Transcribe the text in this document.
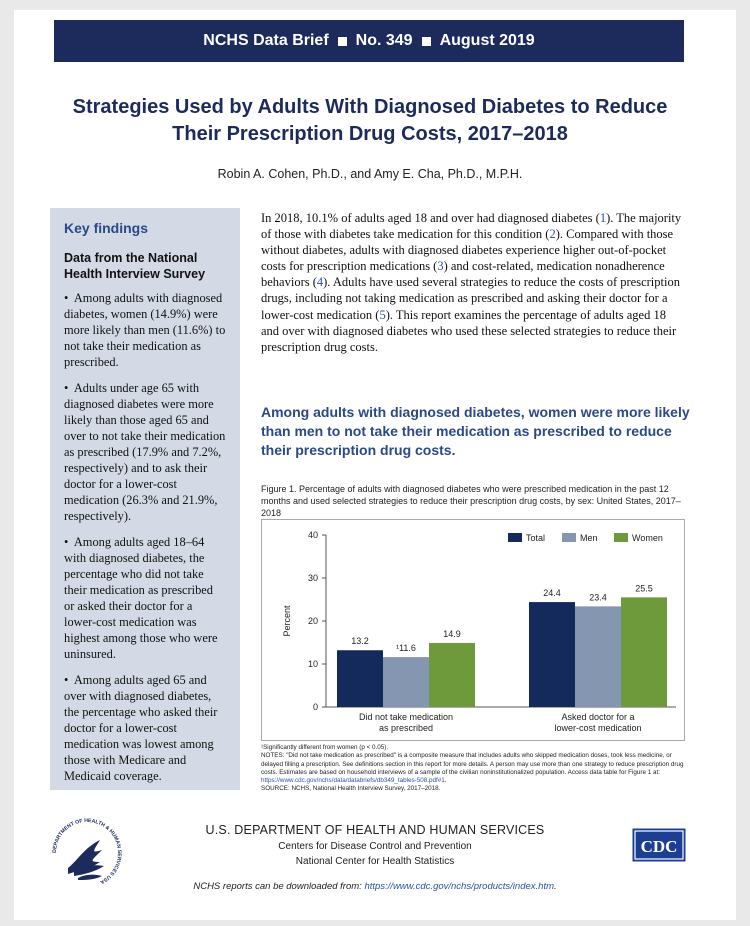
NCHS Data Brief No. 349 August 2019
Strategies Used by Adults With Diagnosed Diabetes to Reduce Their Prescription Drug Costs, 2017–2018
Robin A. Cohen, Ph.D., and Amy E. Cha, Ph.D., M.P.H.
Key findings
Data from the National Health Interview Survey

•  Among adults with diagnosed diabetes, women (14.9%) were more likely than men (11.6%) to not take their medication as prescribed.

•  Adults under age 65 with diagnosed diabetes were more likely than those aged 65 and over to not take their medication as prescribed (17.9% and 7.2%, respectively) and to ask their doctor for a lower-cost medication (26.3% and 21.9%, respectively).

•  Among adults aged 18–64 with diagnosed diabetes, the percentage who did not take their medication as prescribed or asked their doctor for a lower-cost medication was highest among those who were uninsured.

•  Among adults aged 65 and over with diagnosed diabetes, the percentage who asked their doctor for a lower-cost medication was lowest among those with Medicare and Medicaid coverage.

In 2018, 10.1% of adults aged 18 and over had diagnosed diabetes (1). The majority of those with diabetes take medication for this condition (2). Compared with those without diabetes, adults with diagnosed diabetes experience higher out-of-pocket costs for prescription medications (3) and cost-related, medication nonadherence behaviors (4). Adults have used several strategies to reduce the costs of prescription drugs, including not taking medication as prescribed and asking their doctor for a lower-cost medication (5). This report examines the percentage of adults aged 18 and over with diagnosed diabetes who used these selected strategies to reduce their prescription drug costs.
Among adults with diagnosed diabetes, women were more likely than men to not take their medication as prescribed to reduce their prescription drug costs.
Figure 1. Percentage of adults with diagnosed diabetes who were prescribed medication in the past 12 months and used selected strategies to reduce their prescription drug costs, by sex: United States, 2017–2018
0
10
20
30
40
Percent
13.2
¹11.6
14.9
Did not take medication
as prescribed
24.4	23.4
25.5
Asked doctor for a
lower-cost medication
Total	Men	Women

¹Significantly different from women (p < 0.05).

NOTES: "Did not take medication as prescribed" is a composite measure that includes adults who skipped medication doses, took less medicine, or delayed filling a prescription. See definitions section in this report for more details. A person may use more than one strategy to reduce prescription drug costs. Estimates are based on household interviews of a sample of the civilian noninstitutionalized population. Access data table for Figure 1 at: https://www.cdc.gov/nchs/data/databriefs/db349_tables-508.pdf#1.

SOURCE: NCHS, National Health Interview Survey, 2017–2018.

DEPARTMENT OF HEALTH & HUMAN SERVICES USA
U.S. DEPARTMENT OF HEALTH AND HUMAN SERVICES
Centers for Disease Control and Prevention
National Center for Health Statistics
CDC
NCHS reports can be downloaded from: https://www.cdc.gov/nchs/products/index.htm.
